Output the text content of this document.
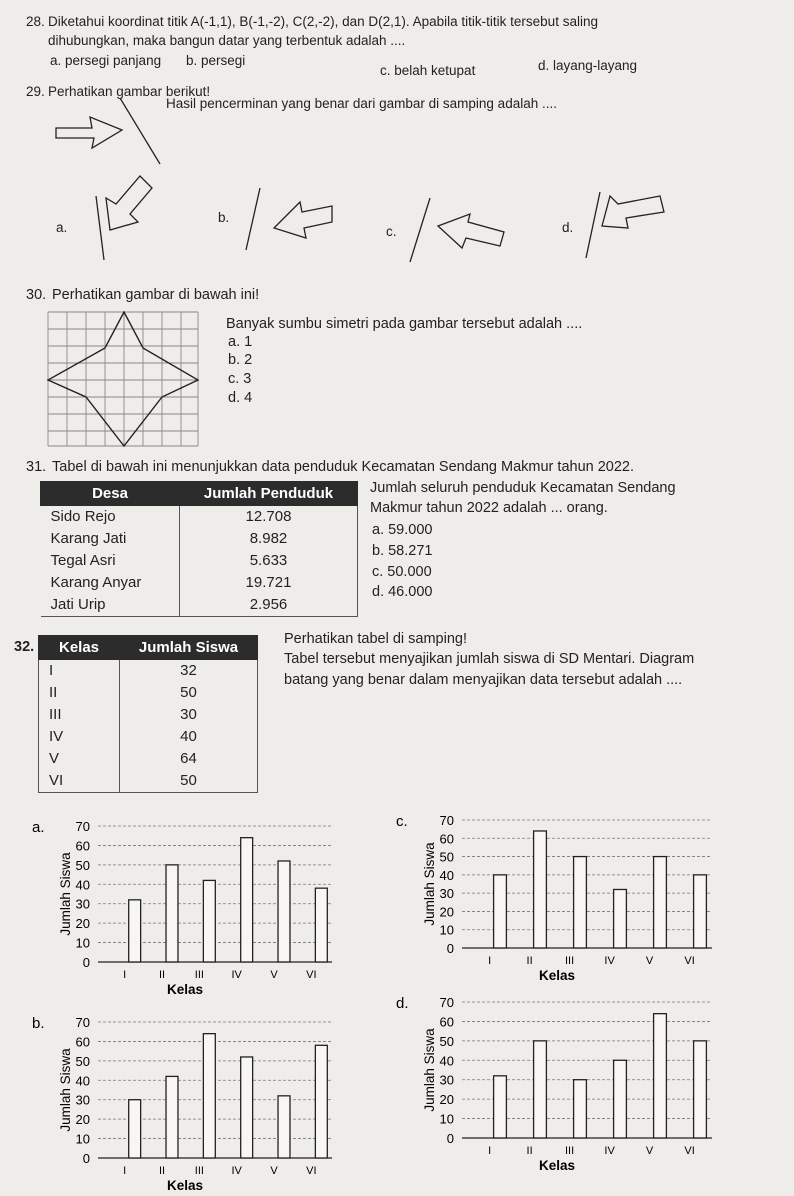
28. Diketahui koordinat titik A(-1,1), B(-1,-2), C(2,-2), dan D(2,1). Apabila titik-titik tersebut saling
dihubungkan, maka bangun datar yang terbentuk adalah ....
a. persegi panjang b. persegi
c. belah ketupat	d. layang-layang
29. Perhatikan gambar berikut!
Hasil pencerminan yang benar dari gambar di samping adalah ....
a.
b.
c.	d.
30. Perhatikan gambar di bawah ini!
Banyak sumbu simetri pada gambar tersebut adalah ....
a. 1
b. 2
c. 3
d. 4
31. Tabel di bawah ini menunjukkan data penduduk Kecamatan Sendang Makmur tahun 2022.
Desa	Jumlah Penduduk
Sido Rejo	12.708
Karang Jati	8.982
Tegal Asri	5.633
Karang Anyar	19.721
Jati Urip	2.956
Jumlah seluruh penduduk Kecamatan Sendang
Makmur tahun 2022 adalah ... orang.
a. 59.000
b. 58.271
c. 50.000
d. 46.000
32. Kelas	Jumlah Siswa
I	32
II	50
III	30
IV	40
V	64
VI	50
Perhatikan tabel di samping!
Tabel tersebut menyajikan jumlah siswa di SD Mentari. Diagram
batang yang benar dalam menyajikan data tersebut adalah ....
a.
0
10
20
30
40
50
60
70
I	II	III	IV	V	VI
Kelas
Jumlah Siswa
b.
0
10
20
30
40
50
60
70
I	II	III	IV	V	VI
Kelas
Jumlah Siswa
c.
0
10
20
30
40
50
60
70
I	II	III	IV	V	VI
Kelas
Jumlah Siswa
d.
0
10
20
30
40
50
60
70
I	II	III	IV	V	VI
Kelas
Jumlah Siswa
